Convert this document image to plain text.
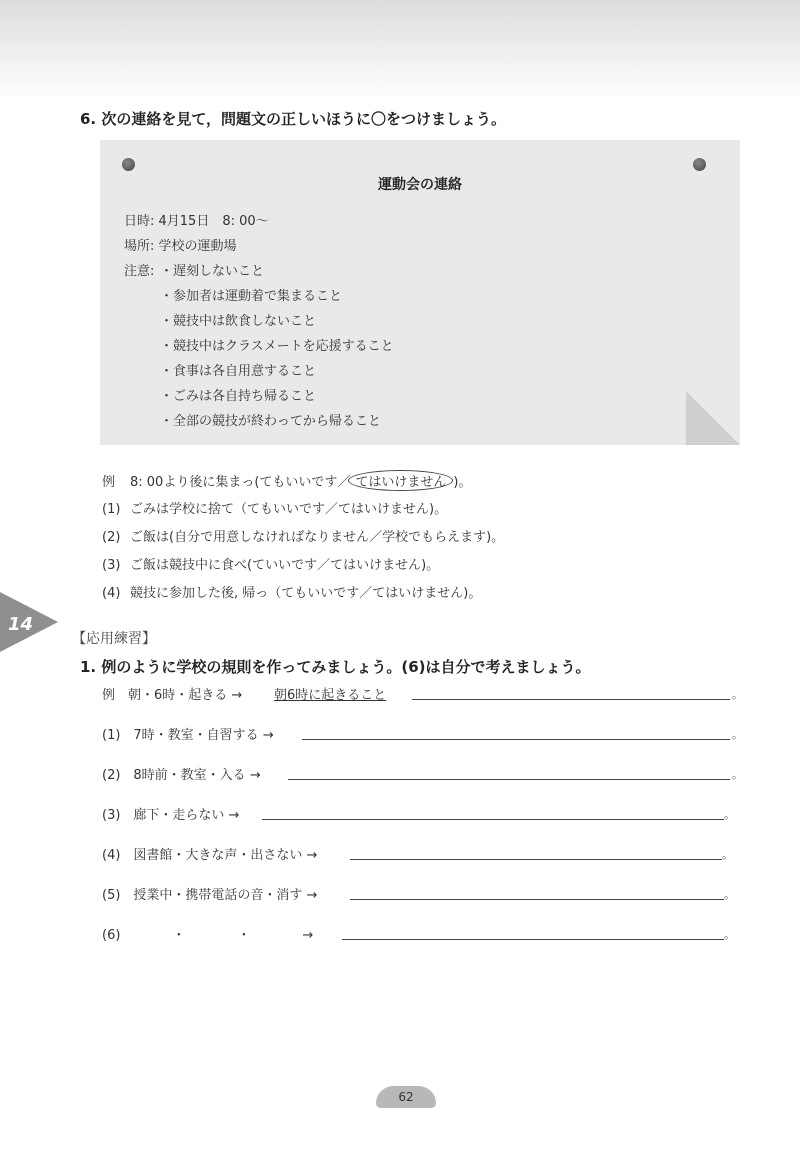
6. 次の連絡を見て，問題文の正しいほうに〇をつけましょう。
運動会の連絡
日時: 4月15日　8: 00～
場所: 学校の運動場
注意: ・遅刻しないこと
・参加者は運動着で集まること
・競技中は飲食しないこと
・競技中はクラスメートを応援すること
・食事は各自用意すること
・ごみは各自持ち帰ること
・全部の競技が終わってから帰ること
例 8: 00より後に集まっ(てもいいです／ てはいけません )。
(1) ごみは学校に捨て（てもいいです／てはいけません)。
(2) ご飯は(自分で用意しなければなりません／学校でもらえます)。
(3) ご飯は競技中に食べ(ていいです／てはいけません)。
(4) 競技に参加した後, 帰っ（てもいいです／てはいけません)。
14
【応用練習】
1. 例のように学校の規則を作ってみましょう。(6)は自分で考えましょう。
例　朝・6時・起きる → 朝6時に起きること	。
(1)　7時・教室・自習する →	。
(2)　8時前・教室・入る →	。
(3)　廊下・走らない →	。
(4)　図書館・大きな声・出さない →	。
(5)　授業中・携帯電話の音・消す →	。
(6)　　　　・　　　　・　　　　→	。
62
